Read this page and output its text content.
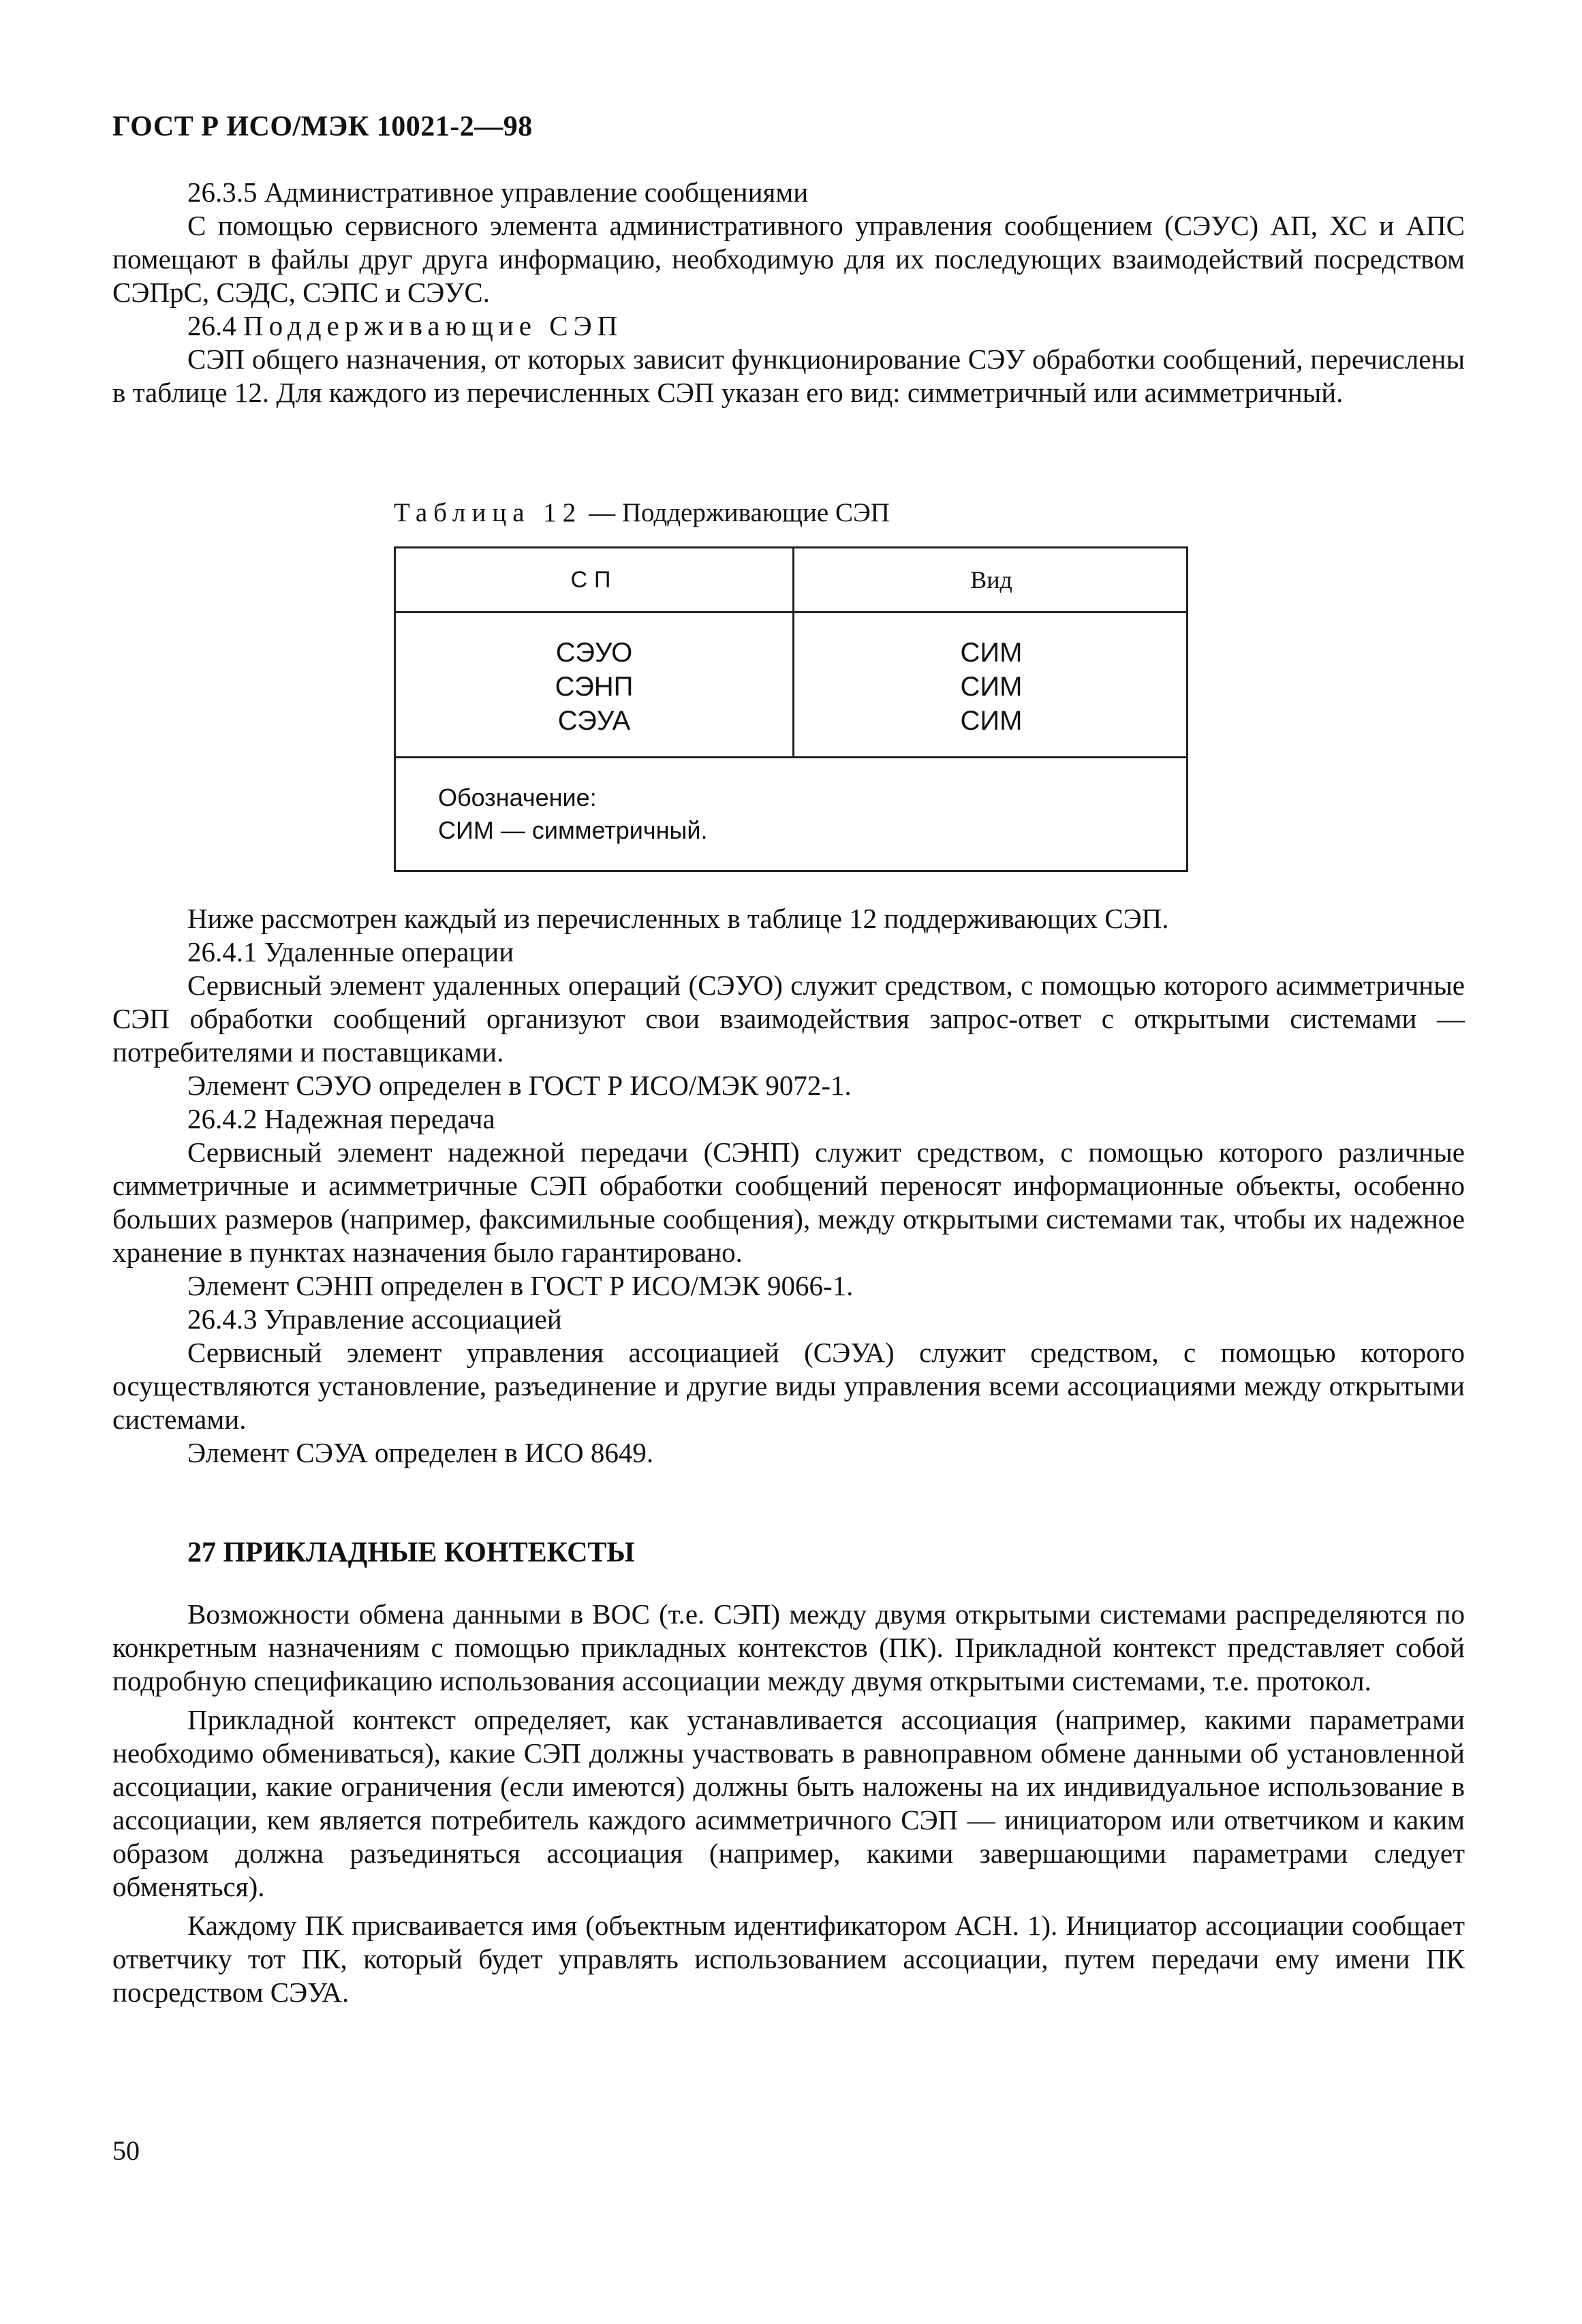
ГОСТ Р ИСО/МЭК 10021-2—98

26.3.5 Административное управление сообщениями

С помощью сервисного элемента административного управления сообщением (СЭУС) АП, ХС и АПС помещают в файлы друг друга информацию, необходимую для их последующих взаимодействий посредством СЭПрС, СЭДС, СЭПС и СЭУС.

26.4 Поддерживающие СЭП

СЭП общего назначения, от которых зависит функционирование СЭУ обработки сообщений, перечислены в таблице 12. Для каждого из перечисленных СЭП указан его вид: симметричный или асимметричный.

Таблица 12 — Поддерживающие СЭП
СП	Вид
СЭУО
СЭНП
СЭУА
СИМ
СИМ
СИМ
Обозначение:
СИМ — симметричный.

Ниже рассмотрен каждый из перечисленных в таблице 12 поддерживающих СЭП.

26.4.1 Удаленные операции

Сервисный элемент удаленных операций (СЭУО) служит средством, с помощью которого асимметричные СЭП обработки сообщений организуют свои взаимодействия запрос-ответ с открытыми системами — потребителями и поставщиками.

Элемент СЭУО определен в ГОСТ Р ИСО/МЭК 9072-1.

26.4.2 Надежная передача

Сервисный элемент надежной передачи (СЭНП) служит средством, с помощью которого различные симметричные и асимметричные СЭП обработки сообщений переносят информационные объекты, особенно больших размеров (например, факсимильные сообщения), между открытыми системами так, чтобы их надежное хранение в пунктах назначения было гарантировано.

Элемент СЭНП определен в ГОСТ Р ИСО/МЭК 9066-1.

26.4.3 Управление ассоциацией

Сервисный элемент управления ассоциацией (СЭУА) служит средством, с помощью которого осуществляются установление, разъединение и другие виды управления всеми ассоциациями между открытыми системами.

Элемент СЭУА определен в ИСО 8649.

27 ПРИКЛАДНЫЕ КОНТЕКСТЫ

Возможности обмена данными в ВОС (т.е. СЭП) между двумя открытыми системами распределяются по конкретным назначениям с помощью прикладных контекстов (ПК). Прикладной контекст представляет собой подробную спецификацию использования ассоциации между двумя открытыми системами, т.е. протокол.

Прикладной контекст определяет, как устанавливается ассоциация (например, какими параметрами необходимо обмениваться), какие СЭП должны участвовать в равноправном обмене данными об установленной ассоциации, какие ограничения (если имеются) должны быть наложены на их индивидуальное использование в ассоциации, кем является потребитель каждого асимметричного СЭП — инициатором или ответчиком и каким образом должна разъединяться ассоциация (например, какими завершающими параметрами следует обменяться).

Каждому ПК присваивается имя (объектным идентификатором АСН. 1). Инициатор ассоциации сообщает ответчику тот ПК, который будет управлять использованием ассоциации, путем передачи ему имени ПК посредством СЭУА.

50
